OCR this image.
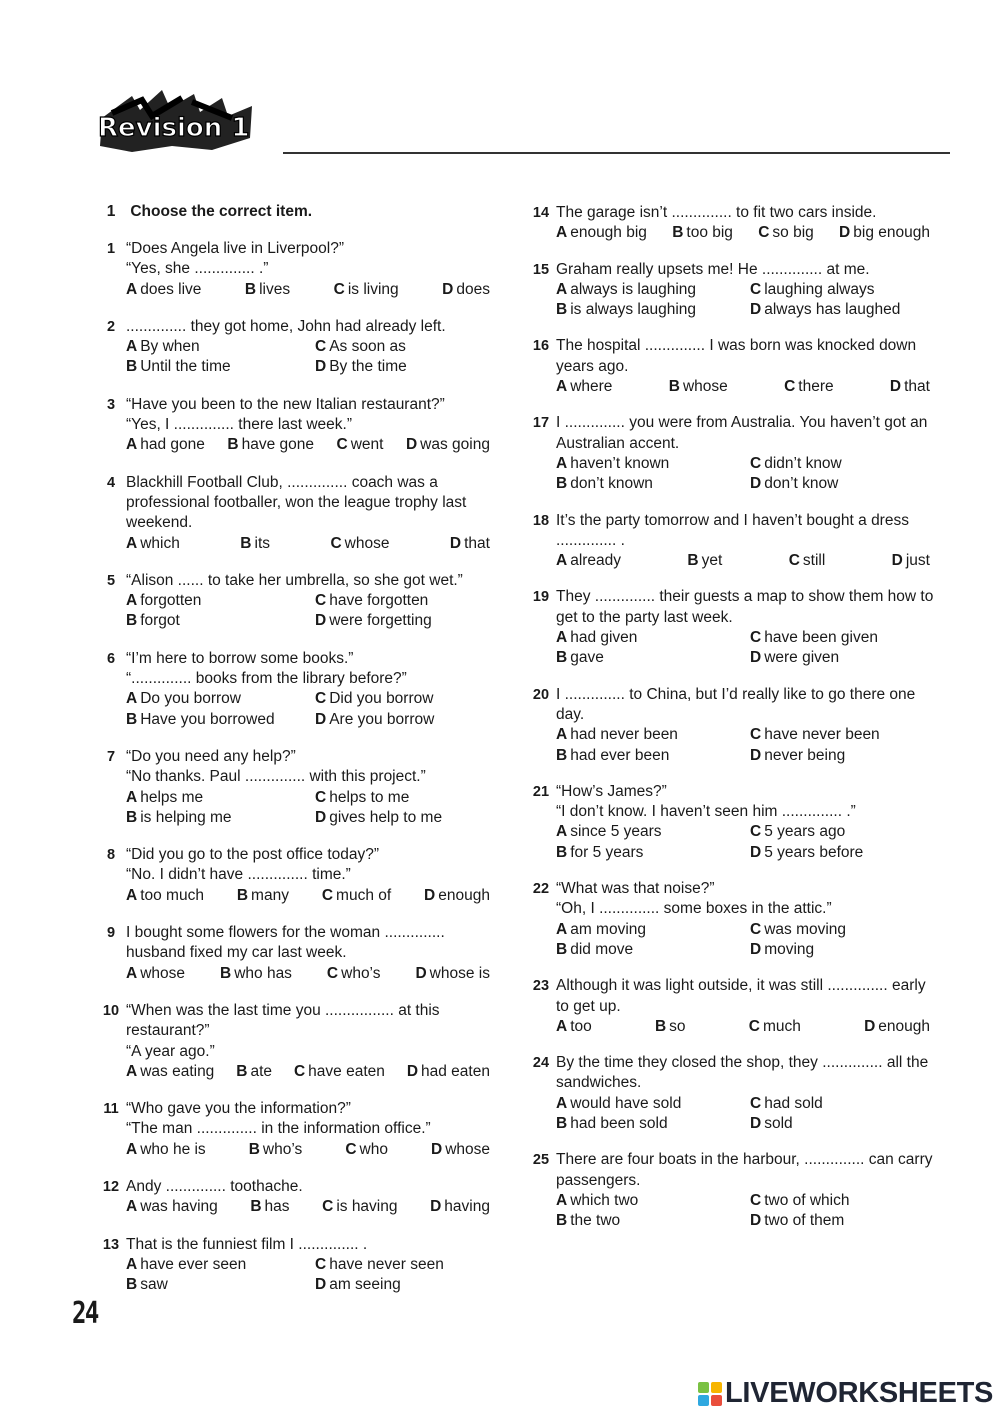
Revision 1
1 Choose the correct item.
1 “Does Angela live in Liverpool?”
“Yes, she .............. .”
A does live	B lives	C is living	D does
2 .............. they got home, John had already left.
A By when	C As soon as
B Until the time	D By the time
3 “Have you been to the new Italian restaurant?”
“Yes, I .............. there last week.”
A had gone B have gone C went D was going
4 Blackhill Football Club, .............. coach was a professional footballer, won the league trophy last weekend.
A which	B its	C whose	D that
5 “Alison ...... to take her umbrella, so she got wet.”
A forgotten	C have forgotten
B forgot	D were forgetting
6 “I’m here to borrow some books.”
“.............. books from the library before?”
A Do you borrow	C Did you borrow
B Have you borrowed	D Are you borrow
7 “Do you need any help?”
“No thanks. Paul .............. with this project.”
A helps me	C helps to me
B is helping me	D gives help to me
8 “Did you go to the post office today?”
“No. I didn’t have .............. time.”
A too much B many C much of D enough
9 I bought some flowers for the woman .............. husband fixed my car last week.
A whose B who has C who’s D whose is
10 “When was the last time you ................ at this restaurant?”
“A year ago.”
A was eating B ate C have eaten D had eaten
11 “Who gave you the information?”
“The man .............. in the information office.”
A who he is	B who’s	C who	D whose
12 Andy .............. toothache.
A was having B has C is having D having
13 That is the funniest film I .............. .
A have ever seen	C have never seen
B saw	D am seeing
14 The garage isn’t .............. to fit two cars inside.
A enough big B too big C so big D big enough
15 Graham really upsets me! He .............. at me.
A always is laughing	C laughing always
B is always laughing	D always has laughed
16 The hospital .............. I was born was knocked down years ago.
A where	B whose	C there	D that
17 I .............. you were from Australia. You haven’t got an Australian accent.
A haven’t known	C didn’t know
B don’t known	D don’t know
18 It’s the party tomorrow and I haven’t bought a dress .............. .
A already	B yet	C still	D just
19 They .............. their guests a map to show them how to get to the party last week.
A had given	C have been given
B gave	D were given
20 I .............. to China, but I’d really like to go there one day.
A had never been	C have never been
B had ever been	D never being
21 “How’s James?”
“I don’t know. I haven’t seen him .............. .”
A since 5 years	C 5 years ago
B for 5 years	D 5 years before
22 “What was that noise?”
“Oh, I .............. some boxes in the attic.”
A am moving	C was moving
B did move	D moving
23 Although it was light outside, it was still .............. early to get up.
A too	B so	C much	D enough
24 By the time they closed the shop, they .............. all the sandwiches.
A would have sold	C had sold
B had been sold	D sold
25 There are four boats in the harbour, .............. can carry passengers.
A which two	C two of which
B the two	D two of them
24
LIVEWORKSHEETS
